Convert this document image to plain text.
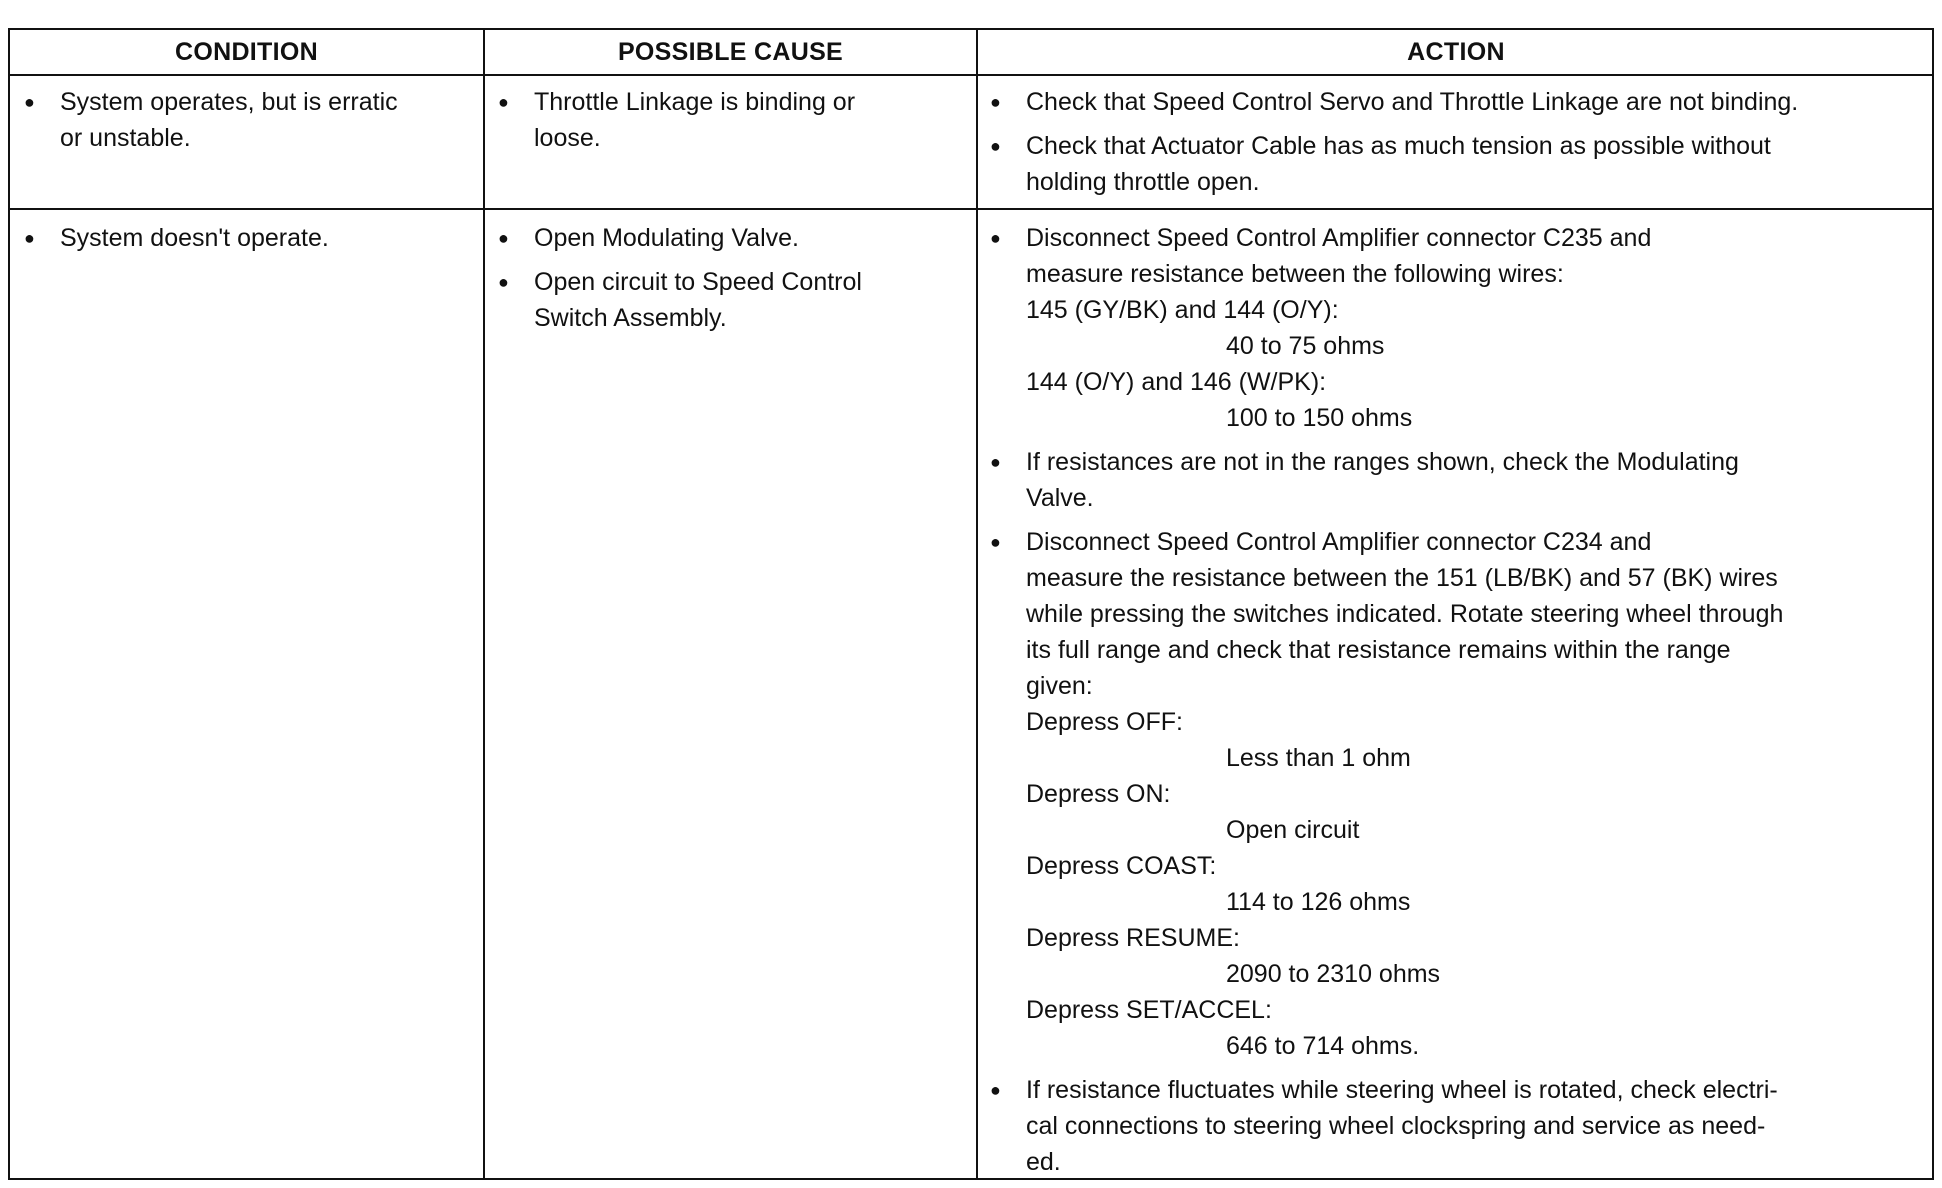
CONDITION	POSSIBLE CAUSE	ACTION
● System operates, but is erratic
or unstable.
● Throttle Linkage is binding or
loose.
● Check that Speed Control Servo and Throttle Linkage are not binding.
● Check that Actuator Cable has as much tension as possible without
holding throttle open.
● System doesn't operate.
●	Open Modulating Valve.
● Open circuit to Speed Control
Switch Assembly.
● Disconnect Speed Control Amplifier connector C235 and
measure resistance between the following wires:
145 (GY/BK) and 144 (O/Y):
40 to 75 ohms
144 (O/Y) and 146 (W/PK):
100 to 150 ohms
● If resistances are not in the ranges shown, check the Modulating
Valve.
● Disconnect Speed Control Amplifier connector C234 and
measure the resistance between the 151 (LB/BK) and 57 (BK) wires
while pressing the switches indicated. Rotate steering wheel through
its full range and check that resistance remains within the range
given:
Depress OFF:
Less than 1 ohm
Depress ON:
Open circuit
Depress COAST:
114 to 126 ohms
Depress RESUME:
2090 to 2310 ohms
Depress SET/ACCEL:
646 to 714 ohms.
● If resistance fluctuates while steering wheel is rotated, check electri-
cal connections to steering wheel clockspring and service as need-
ed.
